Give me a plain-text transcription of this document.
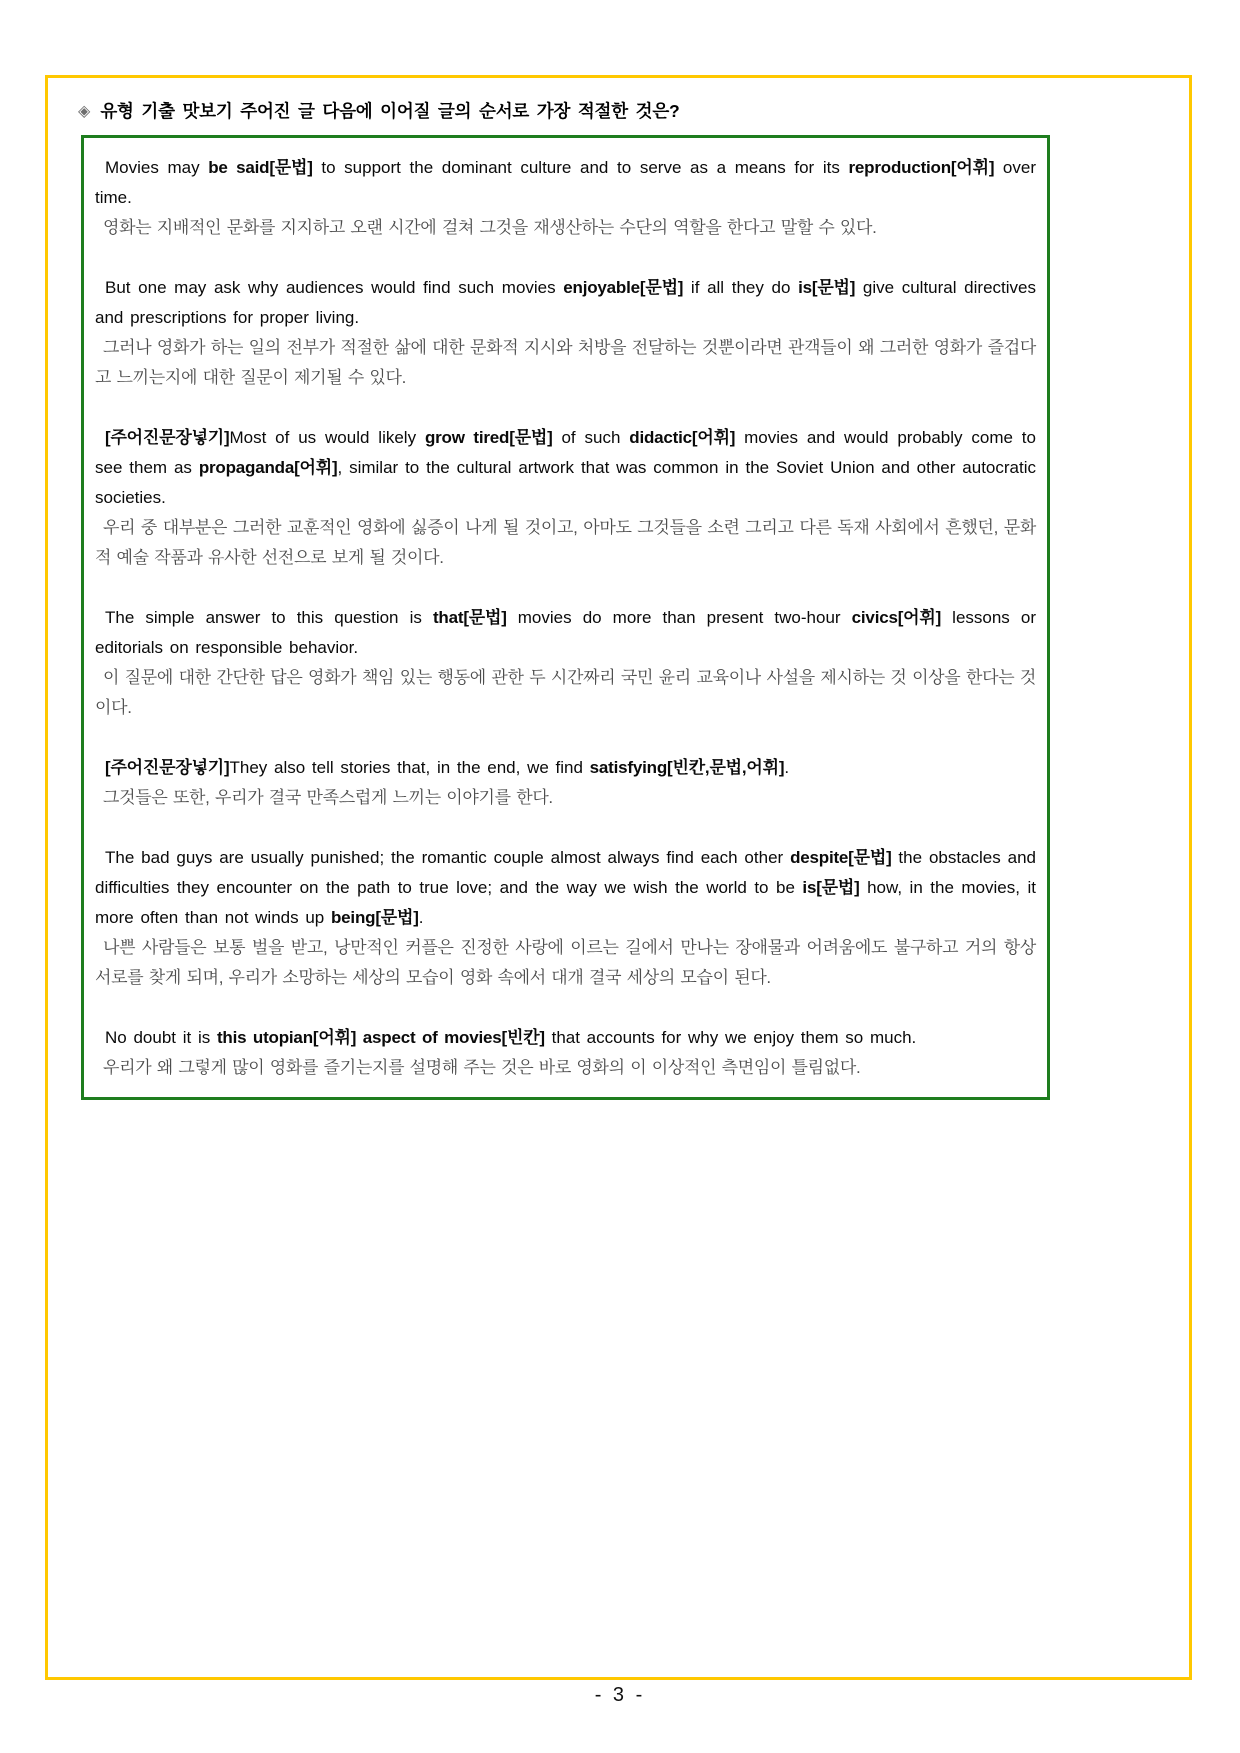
◈ 유형 기출 맛보기 주어진 글 다음에 이어질 글의 순서로 가장 적절한 것은?

Movies may be said[문법] to support the dominant culture and to serve as a means for its reproduction[어휘] over time.

영화는 지배적인 문화를 지지하고 오랜 시간에 걸쳐 그것을 재생산하는 수단의 역할을 한다고 말할 수 있다.

But one may ask why audiences would find such movies enjoyable[문법] if all they do is[문법] give cultural directives and prescriptions for proper living.

그러나 영화가 하는 일의 전부가 적절한 삶에 대한 문화적 지시와 처방을 전달하는 것뿐이라면 관객들이 왜 그러한 영화가 즐겁다고 느끼는지에 대한 질문이 제기될 수 있다.

[주어진문장넣기]Most of us would likely grow tired[문법] of such didactic[어휘] movies and would probably come to see them as propaganda[어휘], similar to the cultural artwork that was common in the Soviet Union and other autocratic societies.

우리 중 대부분은 그러한 교훈적인 영화에 싫증이 나게 될 것이고, 아마도 그것들을 소련 그리고 다른 독재 사회에서 흔했던, 문화적 예술 작품과 유사한 선전으로 보게 될 것이다.

The simple answer to this question is that[문법] movies do more than present two-hour civics[어휘] lessons or editorials on responsible behavior.

이 질문에 대한 간단한 답은 영화가 책임 있는 행동에 관한 두 시간짜리 국민 윤리 교육이나 사설을 제시하는 것 이상을 한다는 것이다.

[주어진문장넣기]They also tell stories that, in the end, we find satisfying[빈칸,문법,어휘].

그것들은 또한, 우리가 결국 만족스럽게 느끼는 이야기를 한다.

The bad guys are usually punished; the romantic couple almost always find each other despite[문법] the obstacles and difficulties they encounter on the path to true love; and the way we wish the world to be is[문법] how, in the movies, it more often than not winds up being[문법].

나쁜 사람들은 보통 벌을 받고, 낭만적인 커플은 진정한 사랑에 이르는 길에서 만나는 장애물과 어려움에도 불구하고 거의 항상 서로를 찾게 되며, 우리가 소망하는 세상의 모습이 영화 속에서 대개 결국 세상의 모습이 된다.

No doubt it is this utopian[어휘] aspect of movies[빈칸] that accounts for why we enjoy them so much.

우리가 왜 그렇게 많이 영화를 즐기는지를 설명해 주는 것은 바로 영화의 이 이상적인 측면임이 틀림없다.

- 3 -
